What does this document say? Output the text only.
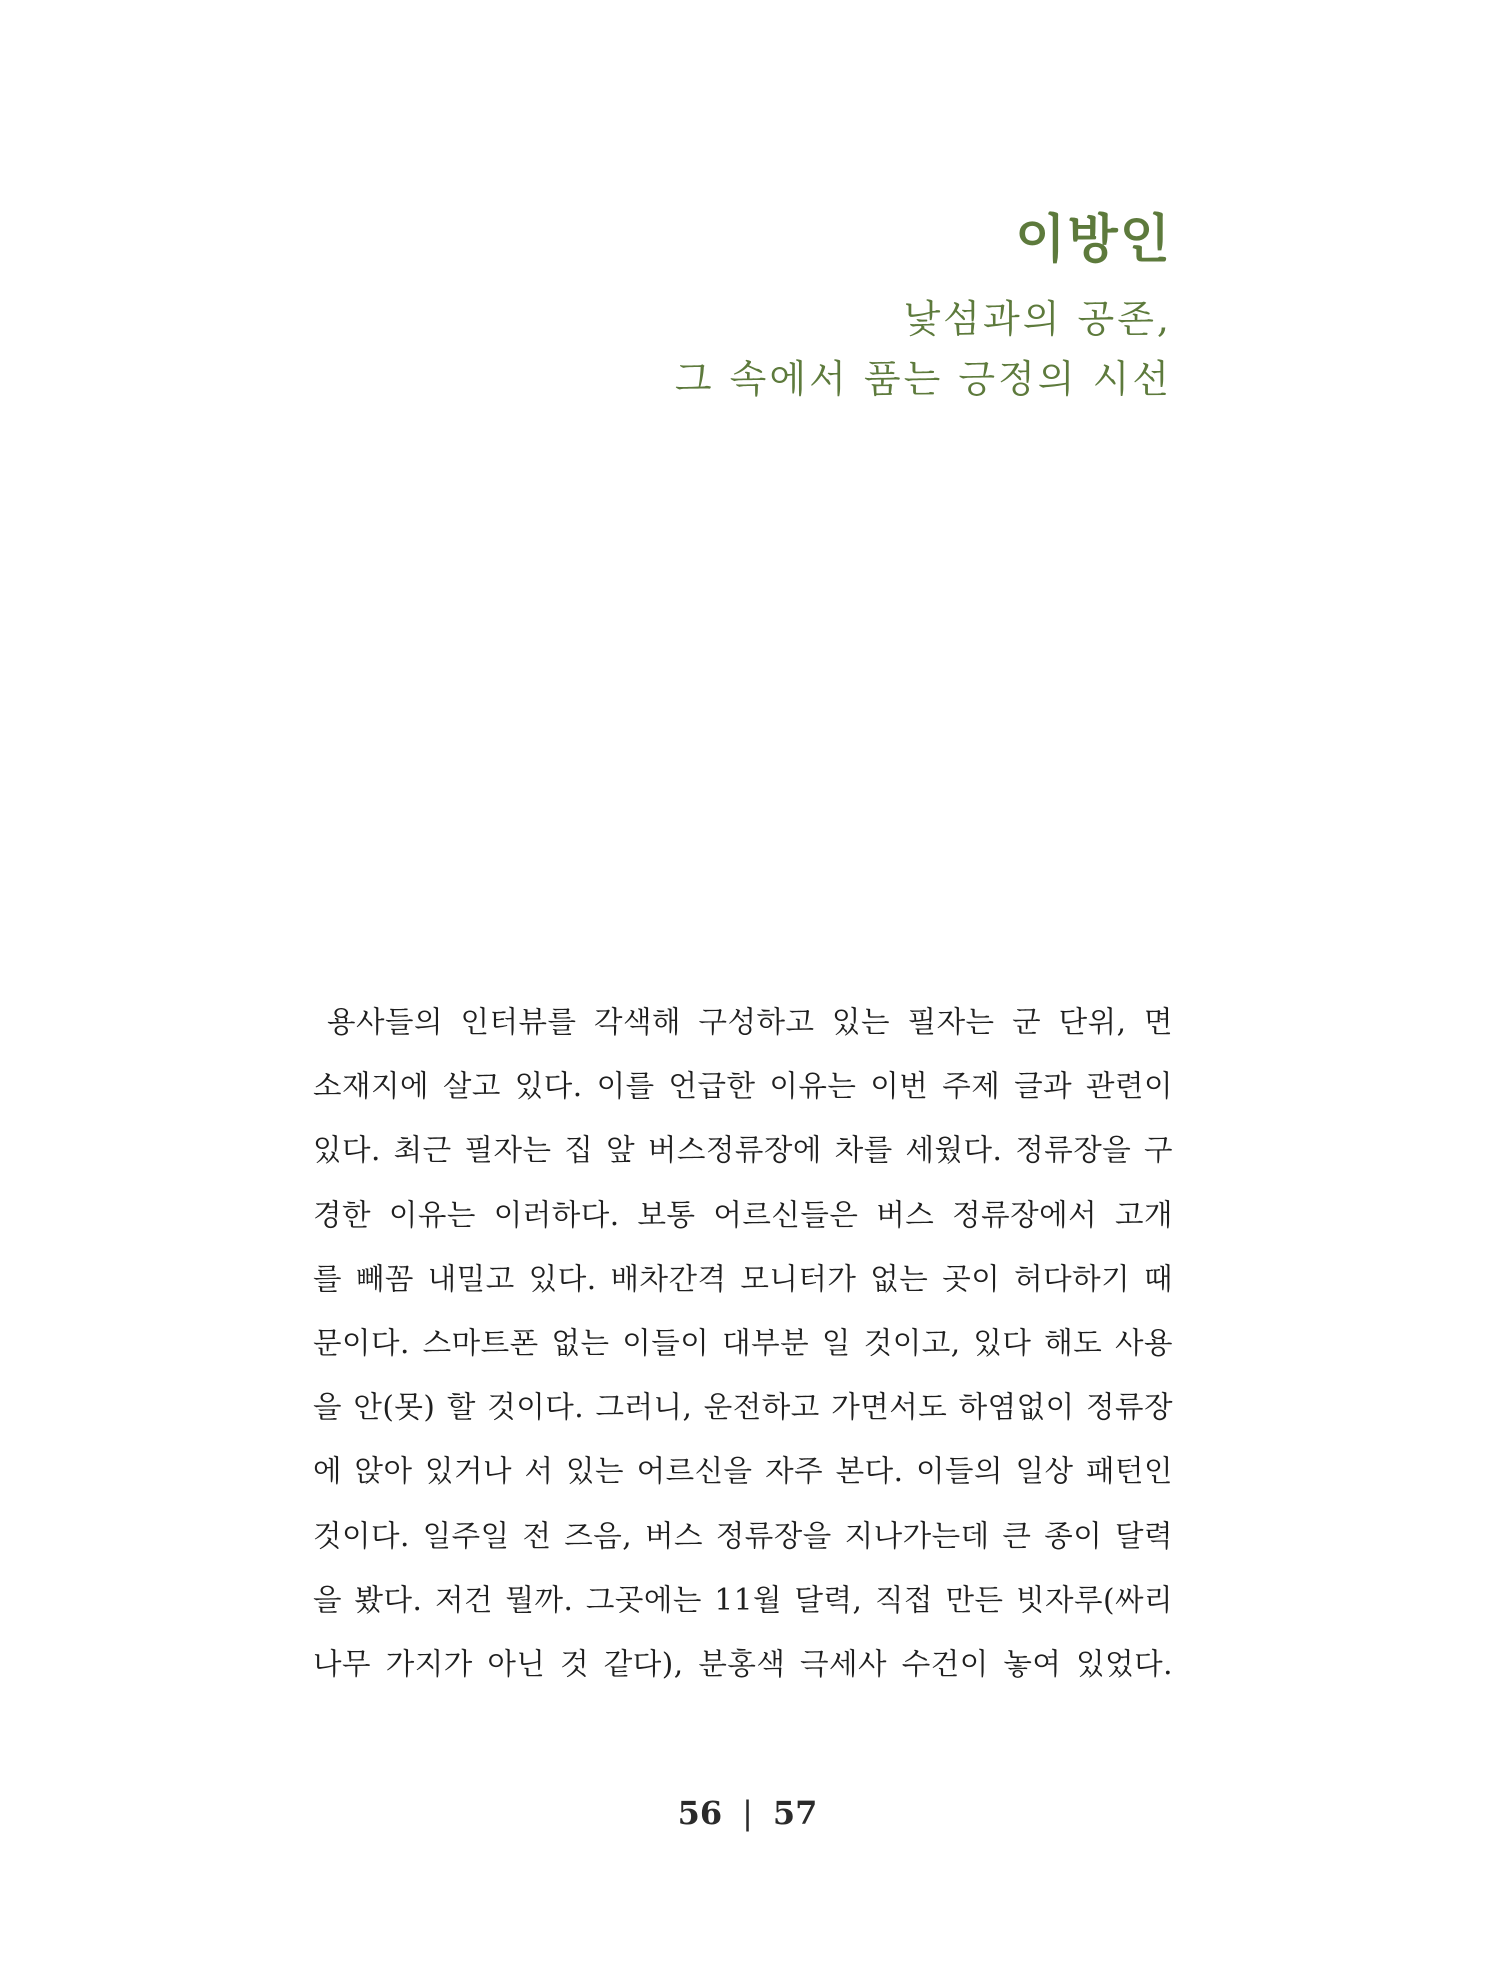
이방인
낯섬과의 공존,
그 속에서 품는 긍정의 시선
용사들의 인터뷰를 각색해 구성하고 있는 필자는 군 단위, 면
소재지에 살고 있다. 이를 언급한 이유는 이번 주제 글과 관련이
있다. 최근 필자는 집 앞 버스정류장에 차를 세웠다. 정류장을 구
경한 이유는 이러하다. 보통 어르신들은 버스 정류장에서 고개
를 빼꼼 내밀고 있다. 배차간격 모니터가 없는 곳이 허다하기 때
문이다. 스마트폰 없는 이들이 대부분 일 것이고, 있다 해도 사용
을 안(못) 할 것이다. 그러니, 운전하고 가면서도 하염없이 정류장
에 앉아 있거나 서 있는 어르신을 자주 본다. 이들의 일상 패턴인
것이다. 일주일 전 즈음, 버스 정류장을 지나가는데 큰 종이 달력
을 봤다. 저건 뭘까. 그곳에는 11월 달력, 직접 만든 빗자루(싸리
나무 가지가 아닌 것 같다), 분홍색 극세사 수건이 놓여 있었다.
56 | 57
